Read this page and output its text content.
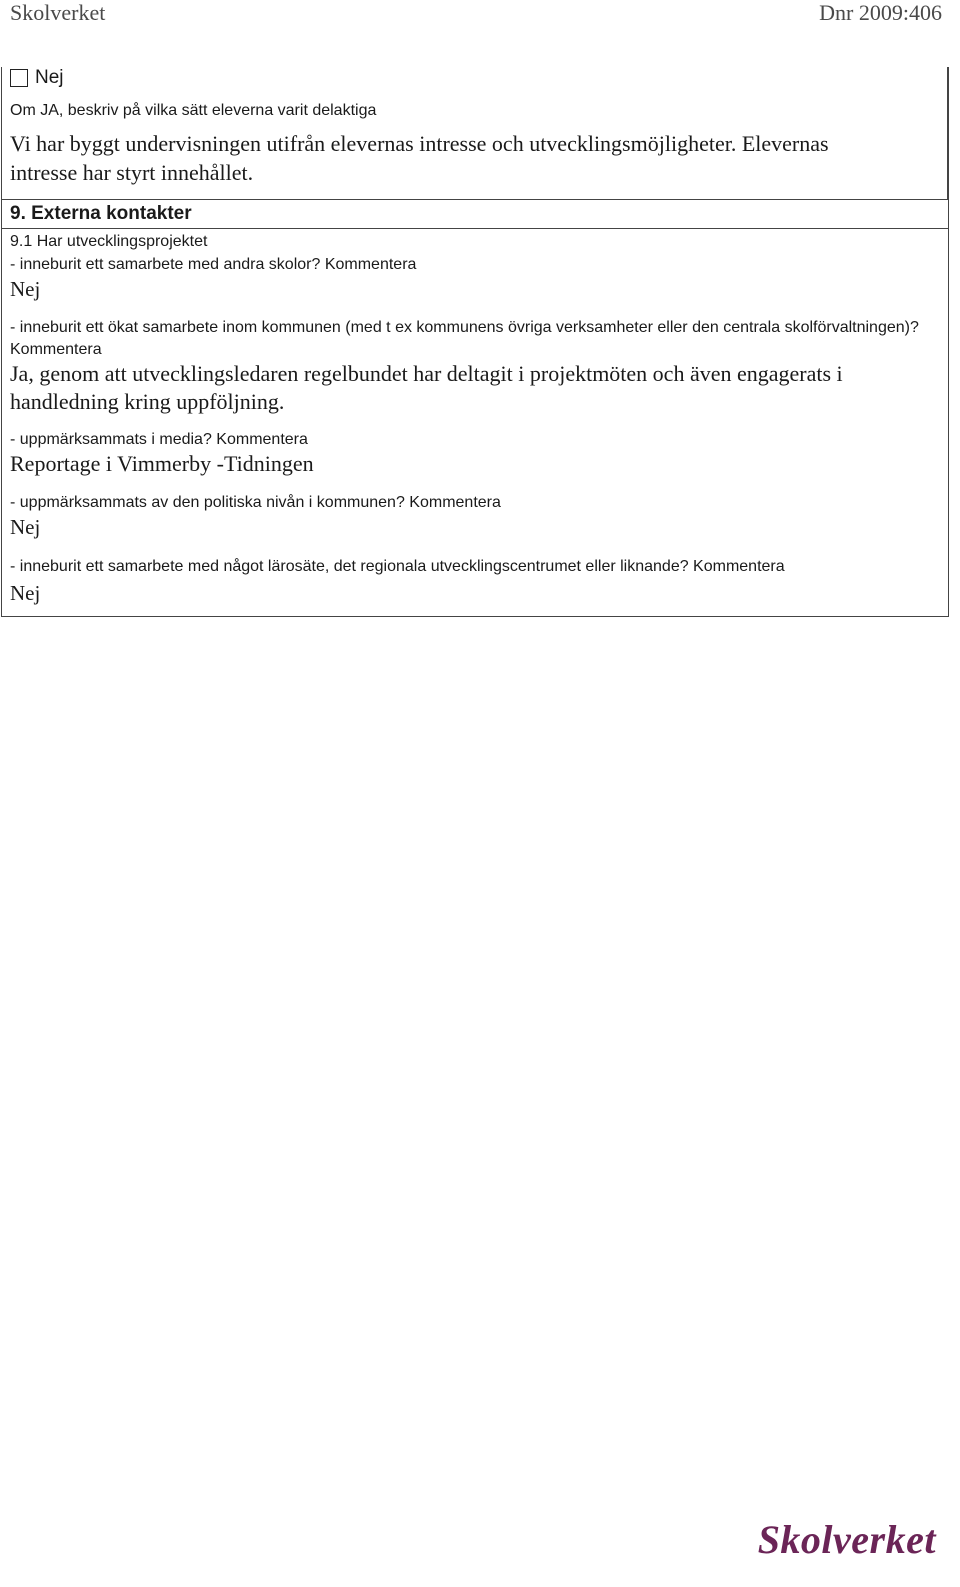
Skolverket	Dnr 2009:406
Nej
Om JA, beskriv på vilka sätt eleverna varit delaktiga
Vi har byggt undervisningen utifrån elevernas intresse och utvecklingsmöjligheter. Elevernas
intresse har styrt innehållet.
9. Externa kontakter
9.1 Har utvecklingsprojektet
- inneburit ett samarbete med andra skolor? Kommentera
Nej
- inneburit ett ökat samarbete inom kommunen (med t ex kommunens övriga verksamheter eller den centrala skolförvaltningen)?
Kommentera
Ja, genom att utvecklingsledaren regelbundet har deltagit i projektmöten och även engagerats i
handledning kring uppföljning.
- uppmärksammats i media? Kommentera
Reportage i Vimmerby -Tidningen
- uppmärksammats av den politiska nivån i kommunen? Kommentera
Nej
- inneburit ett samarbete med något lärosäte, det regionala utvecklingscentrumet eller liknande? Kommentera
Nej
Skolverket
